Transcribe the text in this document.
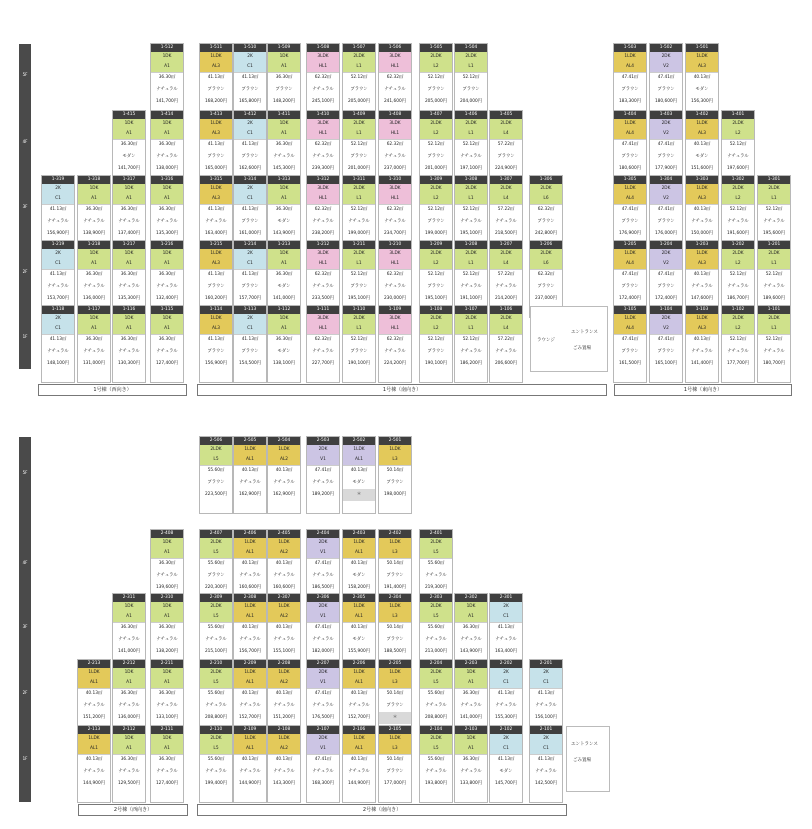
5F
4F
3F
2F
1F
5F
4F
3F
2F
1F
1-512
1DK
A1
36.30㎡
ナチュラル
141,700円
1-511
1LDK
AL3
41.13㎡
ブラウン
168,200円
1-510
2K
C1
41.13㎡
ブラウン
165,800円
1-509
1DK
A1
36.30㎡
ブラウン
148,200円
1-508
3LDK
HL1
62.32㎡
ナチュラル
245,100円
1-507
2LDK
L1
52.12㎡
ブラウン
205,000円
1-506
3LDK
HL1
62.32㎡
ナチュラル
241,600円
1-505
2LDK
L2
52.12㎡
ブラウン
205,000円
1-504
2LDK
L1
52.12㎡
ブラウン
204,000円
1-503
1LDK
AL4
47.41㎡
ブラウン
183,300円
1-502
2DK
V2
47.41㎡
ブラウン
180,600円
1-501
1LDK
AL3
40.13㎡
モダン
156,300円
1-415
1DK
A1
36.30㎡
モダン
141,700円
1-414
1DK
A1
36.30㎡
ナチュラル
138,000円
1-413
1LDK
AL3
41.13㎡
ブラウン
165,000円
1-412
2K
C1
41.13㎡
ブラウン
162,600円
1-411
1DK
A1
36.30㎡
ナチュラル
145,300円
1-410
3LDK
HL1
62.32㎡
ナチュラル
239,300円
1-409
2LDK
L1
52.12㎡
ブラウン
201,000円
1-408
3LDK
HL1
62.32㎡
ナチュラル
237,000円
1-407
2LDK
L2
52.12㎡
ブラウン
201,000円
1-406
2LDK
L1
52.12㎡
ナチュラル
197,100円
1-405
2LDK
L4
57.22㎡
ブラウン
224,900円
1-404
1LDK
AL4
47.41㎡
ブラウン
180,600円
1-403
2DK
V2
47.41㎡
ブラウン
177,900円
1-402
1LDK
AL3
40.13㎡
モダン
151,600円
1-401
2LDK
L2
52.12㎡
ナチュラル
197,600円
1-319
2K
C1
41.13㎡
ナチュラル
156,900円
1-318
1DK
A1
36.30㎡
ナチュラル
138,900円
1-317
1DK
A1
36.30㎡
ナチュラル
137,400円
1-316
1DK
A1
36.30㎡
ナチュラル
135,300円
1-315
1LDK
AL3
41.13㎡
ナチュラル
163,400円
1-314
2K
C1
41.13㎡
ブラウン
161,000円
1-313
1DK
A1
36.30㎡
モダン
143,900円
1-312
3LDK
HL1
62.32㎡
ナチュラル
238,200円
1-311
2LDK
L1
52.12㎡
ナチュラル
199,000円
1-310
3LDK
HL1
62.32㎡
ナチュラル
234,700円
1-309
2LDK
L2
52.12㎡
ブラウン
199,000円
1-308
2LDK
L1
52.12㎡
ナチュラル
195,100円
1-307
2LDK
L4
57.22㎡
ナチュラル
218,500円
1-306
2LDK
L6
62.32㎡
ブラウン
242,800円
1-305
1LDK
AL4
47.41㎡
ブラウン
176,900円
1-304
2DK
V2
47.41㎡
ブラウン
176,000円
1-303
1LDK
AL3
40.13㎡
ナチュラル
150,000円
1-302
2LDK
L2
52.12㎡
ナチュラル
191,600円
1-301
2LDK
L1
52.12㎡
ナチュラル
195,600円
1-219
2K
C1
41.13㎡
ナチュラル
153,700円
1-218
1DK
A1
36.30㎡
ナチュラル
136,000円
1-217
1DK
A1
36.30㎡
ナチュラル
135,300円
1-216
1DK
A1
36.30㎡
ナチュラル
132,400円
1-215
1LDK
AL3
41.13㎡
ブラウン
160,200円
1-214
2K
C1
41.13㎡
ブラウン
157,700円
1-213
1DK
A1
36.30㎡
モダン
141,000円
1-212
3LDK
HL1
62.32㎡
ナチュラル
233,500円
1-211
2LDK
L1
52.12㎡
ブラウン
195,100円
1-210
3LDK
HL1
62.32㎡
ナチュラル
230,000円
1-209
2LDK
L2
52.12㎡
ブラウン
195,100円
1-208
2LDK
L1
52.12㎡
ナチュラル
191,100円
1-207
2LDK
L4
57.22㎡
ナチュラル
214,200円
1-206
2LDK
L6
62.32㎡
ブラウン
237,000円
1-205
1LDK
AL4
47.41㎡
ブラウン
172,400円
1-204
2DK
V2
47.41㎡
ブラウン
172,400円
1-203
1LDK
AL3
40.13㎡
ナチュラル
147,600円
1-202
2LDK
L2
52.12㎡
ナチュラル
186,700円
1-201
2LDK
L1
52.12㎡
ナチュラル
189,600円
1-118
2K
C1
41.13㎡
ナチュラル
148,100円
1-117
1DK
A1
36.30㎡
ナチュラル
131,000円
1-116
1DK
A1
36.30㎡
ナチュラル
130,300円
1-115
1DK
A1
36.30㎡
ナチュラル
127,400円
1-114
1LDK
AL3
41.13㎡
ブラウン
156,900円
1-113
2K
C1
41.13㎡
ブラウン
154,500円
1-112
1DK
A1
36.30㎡
モダン
138,100円
1-111
3LDK
HL1
62.32㎡
ナチュラル
227,700円
1-110
2LDK
L1
52.12㎡
ブラウン
190,100円
1-109
3LDK
HL1
62.32㎡
ナチュラル
224,200円
1-108
2LDK
L2
52.12㎡
ブラウン
190,100円
1-107
2LDK
L1
52.12㎡
ナチュラル
186,200円
1-106
2LDK
L4
57.22㎡
ナチュラル
206,600円
1-105
1LDK
AL4
47.41㎡
ブラウン
161,500円
1-104
2DK
V2
47.41㎡
ブラウン
165,100円
1-103
1LDK
AL3
40.13㎡
ナチュラル
141,400円
1-102
2LDK
L2
52.12㎡
ナチュラル
177,700円
1-101
2LDK
L1
52.12㎡
ナチュラル
180,700円
2-506
2LDK
L5
55.60㎡
ブラウン
223,500円
2-505
1LDK
AL1
40.13㎡
ナチュラル
162,900円
2-504
1LDK
AL2
40.13㎡
ナチュラル
162,900円
2-503
2DK
V1
47.41㎡
ナチュラル
189,200円
2-502
1LDK
AL1
40.13㎡
モダン
＊
2-501
1LDK
L3
50.14㎡
ブラウン
198,000円
2-408
1DK
A1
36.30㎡
ナチュラル
139,600円
2-407
2LDK
L5
55.60㎡
ブラウン
220,300円
2-406
1LDK
AL1
40.13㎡
ナチュラル
160,600円
2-405
1LDK
AL2
40.13㎡
ナチュラル
160,600円
2-404
2DK
V1
47.41㎡
ナチュラル
186,500円
2-403
1LDK
AL1
40.13㎡
モダン
158,200円
2-402
1LDK
L3
50.14㎡
ブラウン
191,400円
2-401
2LDK
L5
55.60㎡
ナチュラル
219,300円
2-311
1DK
A1
36.30㎡
ナチュラル
141,000円
2-310
1DK
A1
36.30㎡
ナチュラル
138,200円
2-309
2LDK
L5
55.60㎡
ナチュラル
215,100円
2-308
1LDK
AL1
40.13㎡
ナチュラル
156,700円
2-307
1LDK
AL2
40.13㎡
ナチュラル
155,100円
2-306
2DK
V1
47.41㎡
ナチュラル
182,000円
2-305
1LDK
AL1
40.13㎡
モダン
155,900円
2-304
1LDK
L3
50.14㎡
ブラウン
188,500円
2-303
2LDK
L5
55.60㎡
ナチュラル
213,000円
2-302
1DK
A1
36.30㎡
ナチュラル
143,900円
2-301
2K
C1
41.13㎡
ナチュラル
163,400円
2-213
1LDK
AL1
40.13㎡
ナチュラル
151,200円
2-212
1DK
A1
36.30㎡
ナチュラル
136,000円
2-211
1DK
A1
36.30㎡
ナチュラル
133,100円
2-210
2LDK
L5
55.60㎡
ナチュラル
208,800円
2-209
1LDK
AL1
40.13㎡
ナチュラル
152,700円
2-208
1LDK
AL2
40.13㎡
ナチュラル
151,200円
2-207
2DK
V1
47.41㎡
ナチュラル
176,500円
2-206
1LDK
AL1
40.13㎡
ナチュラル
152,700円
2-205
1LDK
L3
50.14㎡
ブラウン
＊
2-204
2LDK
L5
55.60㎡
ナチュラル
208,800円
2-203
1DK
A1
36.30㎡
ナチュラル
141,000円
2-202
2K
C1
41.13㎡
ナチュラル
155,300円
2-201
2K
C1
41.13㎡
ナチュラル
156,100円
2-113
1LDK
AL1
40.13㎡
ナチュラル
144,900円
2-112
1DK
A1
36.30㎡
ナチュラル
129,500円
2-111
1DK
A1
36.30㎡
ナチュラル
127,400円
2-110
2LDK
L5
55.60㎡
ナチュラル
199,400円
2-109
1LDK
AL1
40.13㎡
ナチュラル
144,900円
2-108
1LDK
AL2
40.13㎡
ナチュラル
143,300円
2-107
2DK
V1
47.41㎡
ナチュラル
168,300円
2-106
1LDK
AL1
40.13㎡
ナチュラル
144,900円
2-105
1LDK
L3
50.14㎡
ブラウン
177,000円
2-104
2LDK
L5
55.60㎡
ナチュラル
193,800円
2-103
1DK
A1
36.30㎡
ナチュラル
133,800円
2-102
2K
C1
41.13㎡
モダン
145,700円
2-101
2K
C1
41.13㎡
ナチュラル
142,500円
ラウンジ
エントランス
ごみ置場
エントランス
ごみ置場
1号棟（西向き）	1号棟（南向き）	1号棟（東向き）
2号棟（西向き）	2号棟（南向き）
